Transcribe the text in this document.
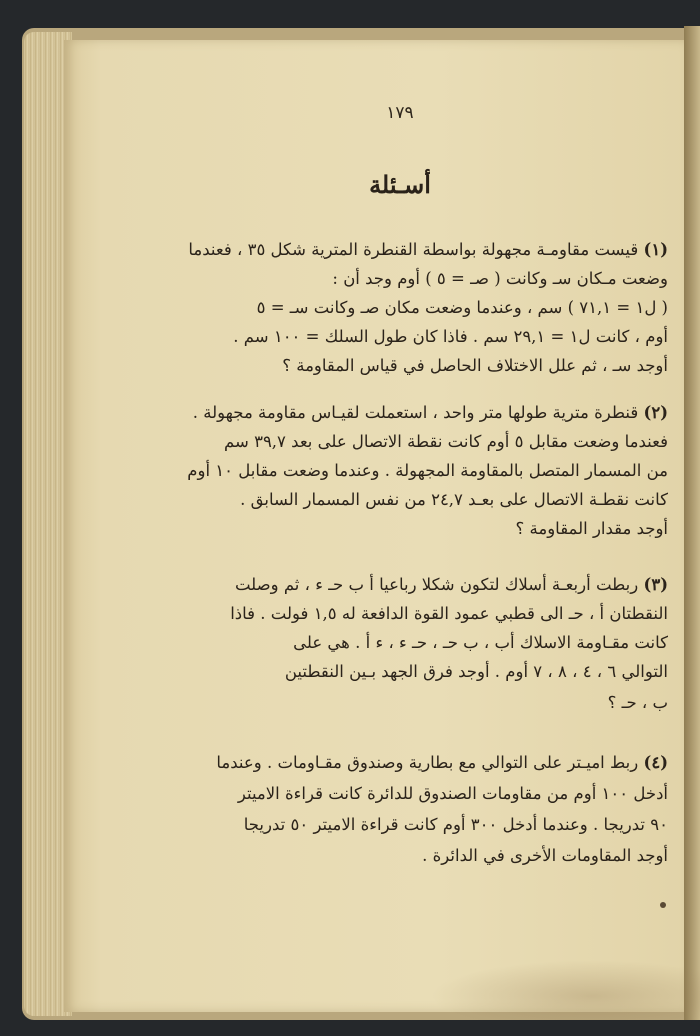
١٧٩
أسـئلة
(١) قيست مقاومـة مجهولة بواسطة القنطرة المترية شكل ٣٥ ، فعندما
وضعت مـكان سـ وكانت ( صـ = ٥ ) أوم وجد أن :
( ل١ = ٧١,١ ) سم ، وعندما وضعت مكان صـ وكانت سـ = ٥
أوم ، كانت ل١ = ٢٩,١ سم . فاذا كان طول السلك = ١٠٠ سم .
أوجد سـ ، ثم علل الاختلاف الحاصل في قياس المقاومة ؟
(٢) قنطرة مترية طولها متر واحد ، استعملت لقيـاس مقاومة مجهولة .
فعندما وضعت مقابل ٥ أوم كانت نقطة الاتصال على بعد ٣٩,٧ سم
من المسمار المتصل بالمقاومة المجهولة . وعندما وضعت مقابل ١٠ أوم
كانت نقطـة الاتصال على بعـد ٢٤,٧ من نفس المسمار السابق .
أوجد مقدار المقاومة ؟
(٣) ربطت أربعـة أسلاك لتكون شكلا رباعيا أ ب حـ ء ، ثم وصلت
النقطتان أ ، حـ الى قطبي عمود القوة الدافعة له ١,٥ فولت . فاذا
كانت مقـاومة الاسلاك أب ، ب حـ ، حـ ء ، ء أ . هي على
التوالي ٦ ، ٤ ، ٨ ، ٧ أوم . أوجد فرق الجهد بـين النقطتين
ب ، حـ ؟
(٤) ربط اميـتر على التوالي مع بطارية وصندوق مقـاومات . وعندما
أدخل ١٠٠ أوم من مقاومات الصندوق للدائرة كانت قراءة الاميتر
٩٠ تدريجا . وعندما أدخل ٣٠٠ أوم كانت قراءة الاميتر ٥٠ تدريجا
أوجد المقاومات الأخرى في الدائرة .
